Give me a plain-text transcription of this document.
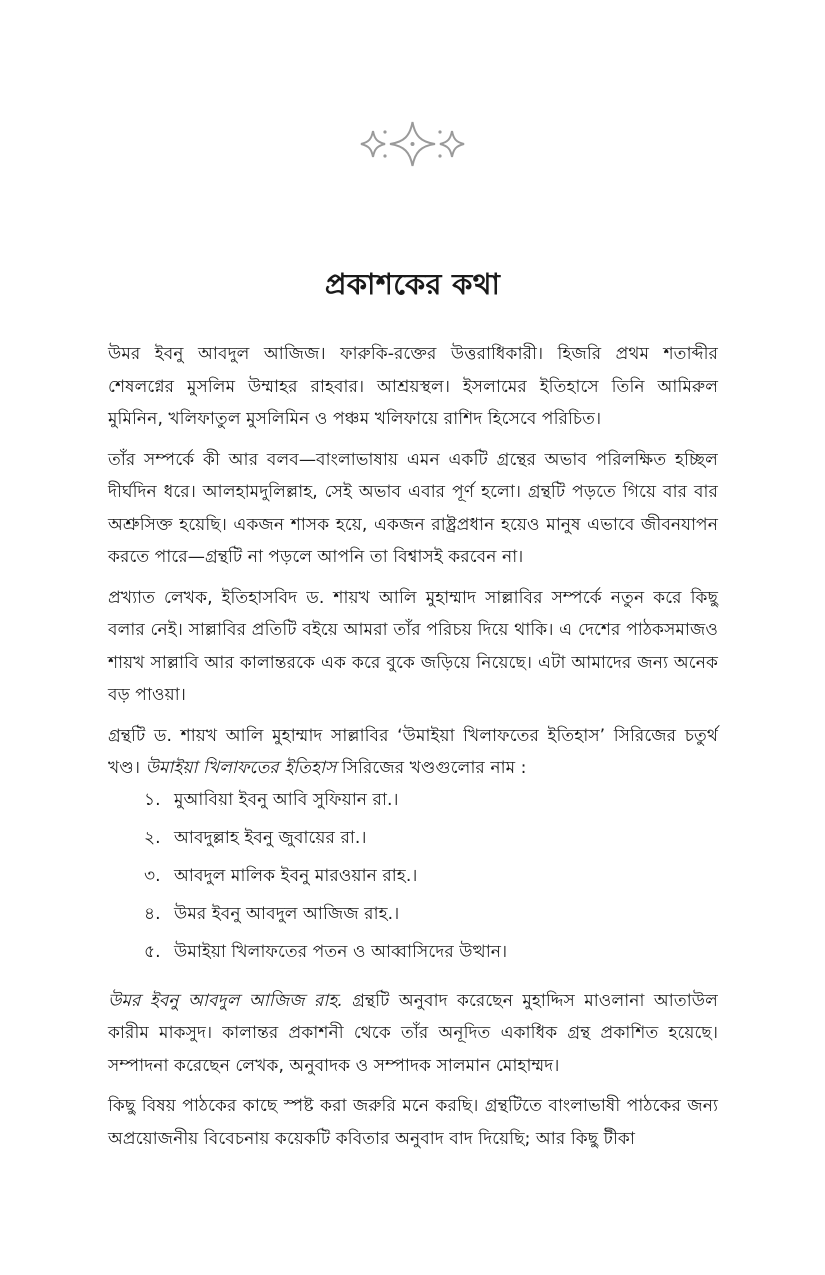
প্রকাশকের কথা

উমর ইবনু আবদুল আজিজ। ফারুকি-রক্তের উত্তরাধিকারী। হিজরি প্রথম শতাব্দীর শেষলগ্নের মুসলিম উম্মাহর রাহবার। আশ্রয়স্থল। ইসলামের ইতিহাসে তিনি আমিরুল মুমিনিন, খলিফাতুল মুসলিমিন ও পঞ্চম খলিফায়ে রাশিদ হিসেবে পরিচিত।

তাঁর সম্পর্কে কী আর বলব—বাংলাভাষায় এমন একটি গ্রন্থের অভাব পরিলক্ষিত হচ্ছিল দীর্ঘদিন ধরে। আলহামদুলিল্লাহ, সেই অভাব এবার পূর্ণ হলো। গ্রন্থটি পড়তে গিয়ে বার বার অশ্রুসিক্ত হয়েছি। একজন শাসক হয়ে, একজন রাষ্ট্রপ্রধান হয়েও মানুষ এভাবে জীবনযাপন করতে পারে—গ্রন্থটি না পড়লে আপনি তা বিশ্বাসই করবেন না।

প্রখ্যাত লেখক, ইতিহাসবিদ ড. শায়খ আলি মুহাম্মাদ সাল্লাবির সম্পর্কে নতুন করে কিছু বলার নেই। সাল্লাবির প্রতিটি বইয়ে আমরা তাঁর পরিচয় দিয়ে থাকি। এ দেশের পাঠকসমাজও শায়খ সাল্লাবি আর কালান্তরকে এক করে বুকে জড়িয়ে নিয়েছে। এটা আমাদের জন্য অনেক বড় পাওয়া।

গ্রন্থটি ড. শায়খ আলি মুহাম্মাদ সাল্লাবির ‘উমাইয়া খিলাফতের ইতিহাস’ সিরিজের চতুর্থ খণ্ড। উমাইয়া খিলাফতের ইতিহাস সিরিজের খণ্ডগুলোর নাম :

১. মুআবিয়া ইবনু আবি সুফিয়ান রা.।
২. আবদুল্লাহ ইবনু জুবায়ের রা.।
৩. আবদুল মালিক ইবনু মারওয়ান রাহ.।
৪. উমর ইবনু আবদুল আজিজ রাহ.।
৫. উমাইয়া খিলাফতের পতন ও আব্বাসিদের উত্থান।

উমর ইবনু আবদুল আজিজ রাহ. গ্রন্থটি অনুবাদ করেছেন মুহাদ্দিস মাওলানা আতাউল কারীম মাকসুদ। কালান্তর প্রকাশনী থেকে তাঁর অনূদিত একাধিক গ্রন্থ প্রকাশিত হয়েছে। সম্পাদনা করেছেন লেখক, অনুবাদক ও সম্পাদক সালমান মোহাম্মদ।

কিছু বিষয় পাঠকের কাছে স্পষ্ট করা জরুরি মনে করছি। গ্রন্থটিতে বাংলাভাষী পাঠকের জন্য অপ্রয়োজনীয় বিবেচনায় কয়েকটি কবিতার অনুবাদ বাদ দিয়েছি; আর কিছু টীকা
